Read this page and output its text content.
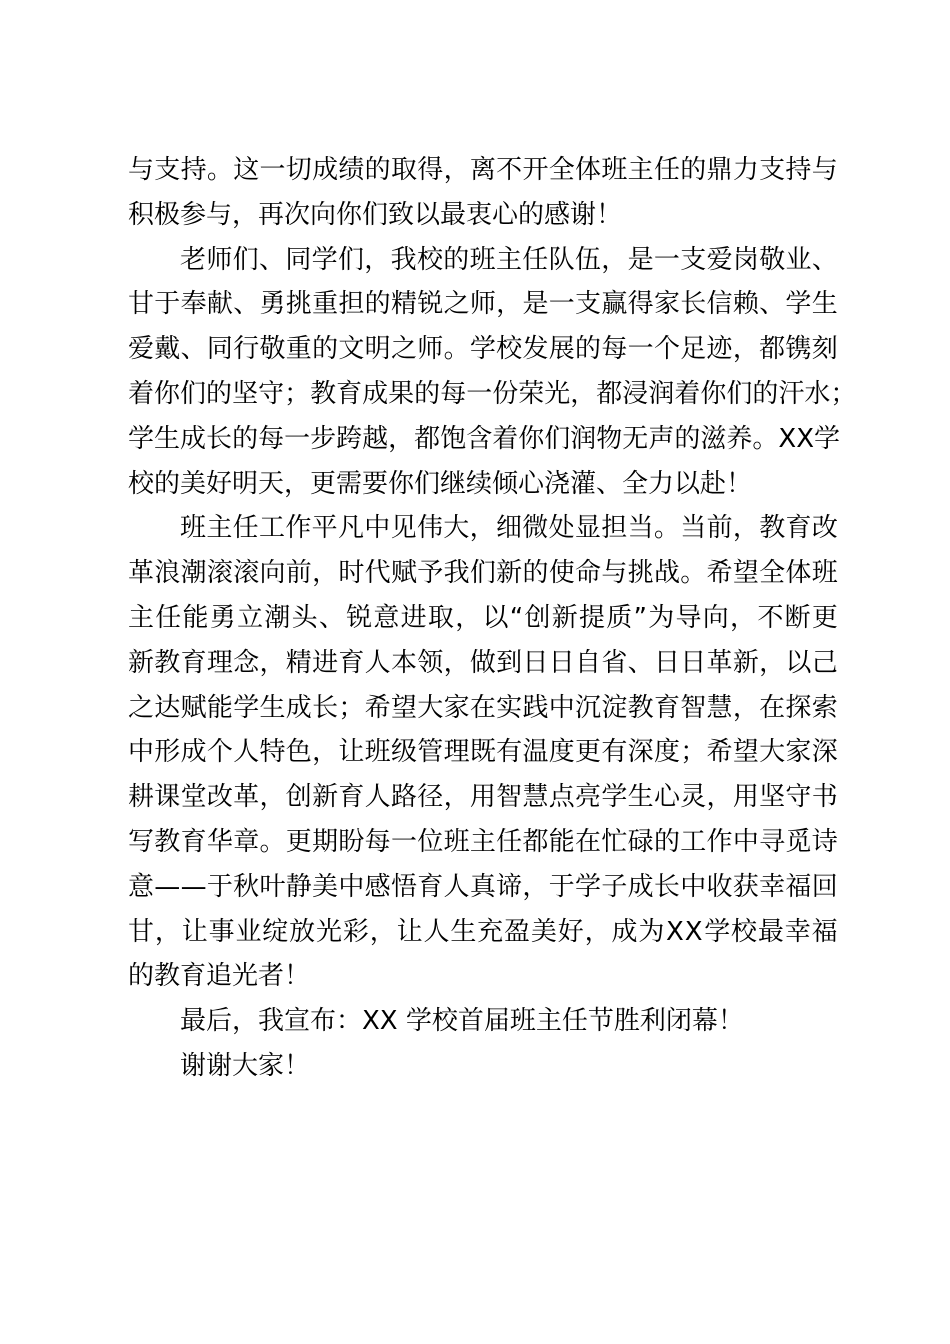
与 支 持 。 这 一 切 成 绩 的 取 得 ， 离 不 开 全 体 班 主 任 的 鼎 力 支 持 与
积极参与，再次向你们致以最衷心的感谢！
老 师 们 、 同 学 们 ， 我 校 的 班 主 任 队 伍 ， 是 一 支 爱 岗 敬 业 、
甘 于 奉 献 、 勇 挑 重 担 的 精 锐 之 师 ， 是 一 支 赢 得 家 长 信 赖 、 学 生
爱 戴 、 同 行 敬 重 的 文 明 之 师 。 学 校 发 展 的 每 一 个 足 迹 ， 都 镌 刻
着 你 们 的 坚 守 ； 教 育 成 果 的 每 一 份 荣 光 ， 都 浸 润 着 你 们 的 汗 水 ；
学 生 成 长 的 每 一 步 跨 越 ， 都 饱 含 着 你 们 润 物 无 声 的 滋 养 。 X X 学
校的美好明天，更需要你们继续倾心浇灌、全力以赴！
班 主 任 工 作 平 凡 中 见 伟 大 ， 细 微 处 显 担 当 。 当 前 ， 教 育 改
革 浪 潮 滚 滚 向 前 ， 时 代 赋 予 我 们 新 的 使 命 与 挑 战 。 希 望 全 体 班
主 任 能 勇 立 潮 头 、 锐 意 进 取 ， 以 “ 创 新 提 质 ” 为 导 向 ， 不 断 更
新 教 育 理 念 ， 精 进 育 人 本 领 ， 做 到 日 日 自 省 、 日 日 革 新 ， 以 己
之 达 赋 能 学 生 成 长 ； 希 望 大 家 在 实 践 中 沉 淀 教 育 智 慧 ， 在 探 索
中 形 成 个 人 特 色 ， 让 班 级 管 理 既 有 温 度 更 有 深 度 ； 希 望 大 家 深
耕 课 堂 改 革 ， 创 新 育 人 路 径 ， 用 智 慧 点 亮 学 生 心 灵 ， 用 坚 守 书
写 教 育 华 章 。 更 期 盼 每 一 位 班 主 任 都 能 在 忙 碌 的 工 作 中 寻 觅 诗
意 — — 于 秋 叶 静 美 中 感 悟 育 人 真 谛 ， 于 学 子 成 长 中 收 获 幸 福 回
甘 ， 让 事 业 绽 放 光 彩 ， 让 人 生 充 盈 美 好 ， 成 为 X X 学 校 最 幸 福
的教育追光者！
最后，我宣布：XX 学校首届班主任节胜利闭幕！
谢谢大家！
